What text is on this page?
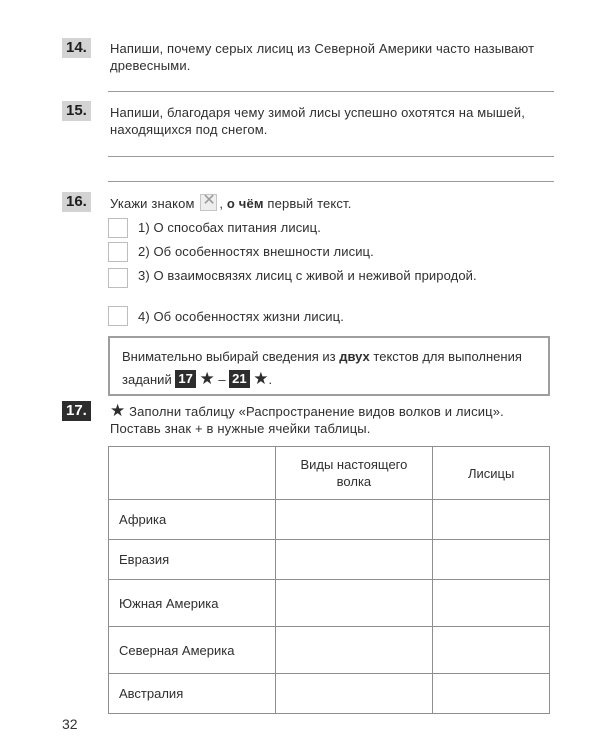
14.	Напиши, почему серых лисиц из Северной Америки часто называют древесными.
15.	Напиши, благодаря чему зимой лисы успешно охотятся на мышей, находящихся под снегом.
16.	Укажи знаком ✕ , о чём первый текст.
1) О способах питания лисиц.
2) Об особенностях внешности лисиц.
3) О взаимосвязях лисиц с живой и неживой природой.
4) Об особенностях жизни лисиц.
Внимательно выбирай сведения из двух текстов для выполнения заданий 17 ★ – 21 ★.
17. ★ Заполни таблицу «Распространение видов волков и лисиц». Поставь знак + в нужные ячейки таблицы.
	Виды настоящего волка	Лисицы
Африка		
Евразия		
Южная Америка		
Северная Америка		
Австралия		
32
